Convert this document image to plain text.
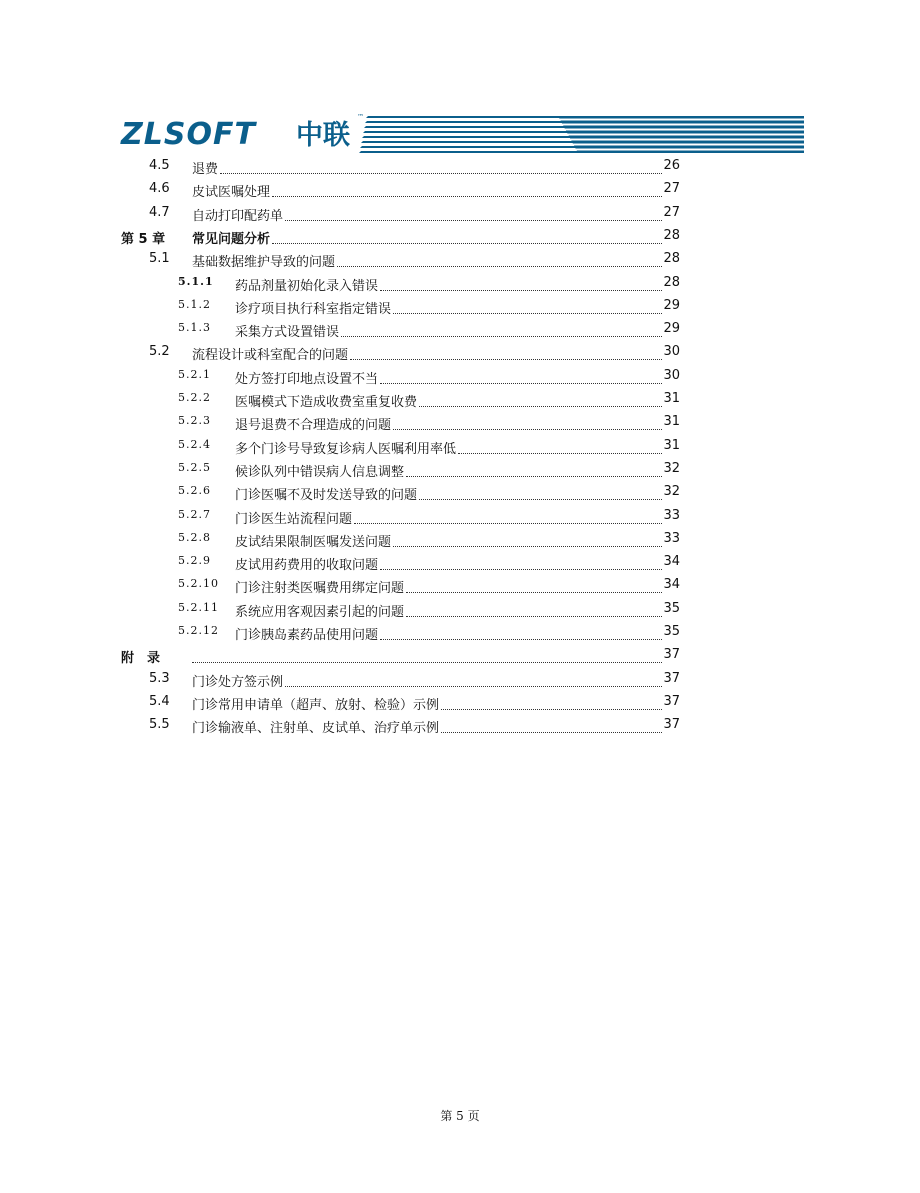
ZLSOFT 中联
™
4.5 退费	26
4.6 皮试医嘱处理	27
4.7 自动打印配药单	27
第 5 章 常见问题分析	28
5.1 基础数据维护导致的问题	28
5.1.1 药品剂量初始化录入错误	28
5.1.2 诊疗项目执行科室指定错误	29
5.1.3 采集方式设置错误	29
5.2 流程设计或科室配合的问题	30
5.2.1 处方签打印地点设置不当	30
5.2.2 医嘱模式下造成收费室重复收费	31
5.2.3 退号退费不合理造成的问题	31
5.2.4 多个门诊号导致复诊病人医嘱利用率低	31
5.2.5 候诊队列中错误病人信息调整	32
5.2.6 门诊医嘱不及时发送导致的问题	32
5.2.7 门诊医生站流程问题	33
5.2.8 皮试结果限制医嘱发送问题	33
5.2.9 皮试用药费用的收取问题	34
5.2.10 门诊注射类医嘱费用绑定问题	34
5.2.11 系统应用客观因素引起的问题	35
5.2.12 门诊胰岛素药品使用问题	35
附　录	37
5.3 门诊处方签示例	37
5.4 门诊常用申请单（超声、放射、检验）示例	37
5.5 门诊输液单、注射单、皮试单、治疗单示例	37
第 5 页
